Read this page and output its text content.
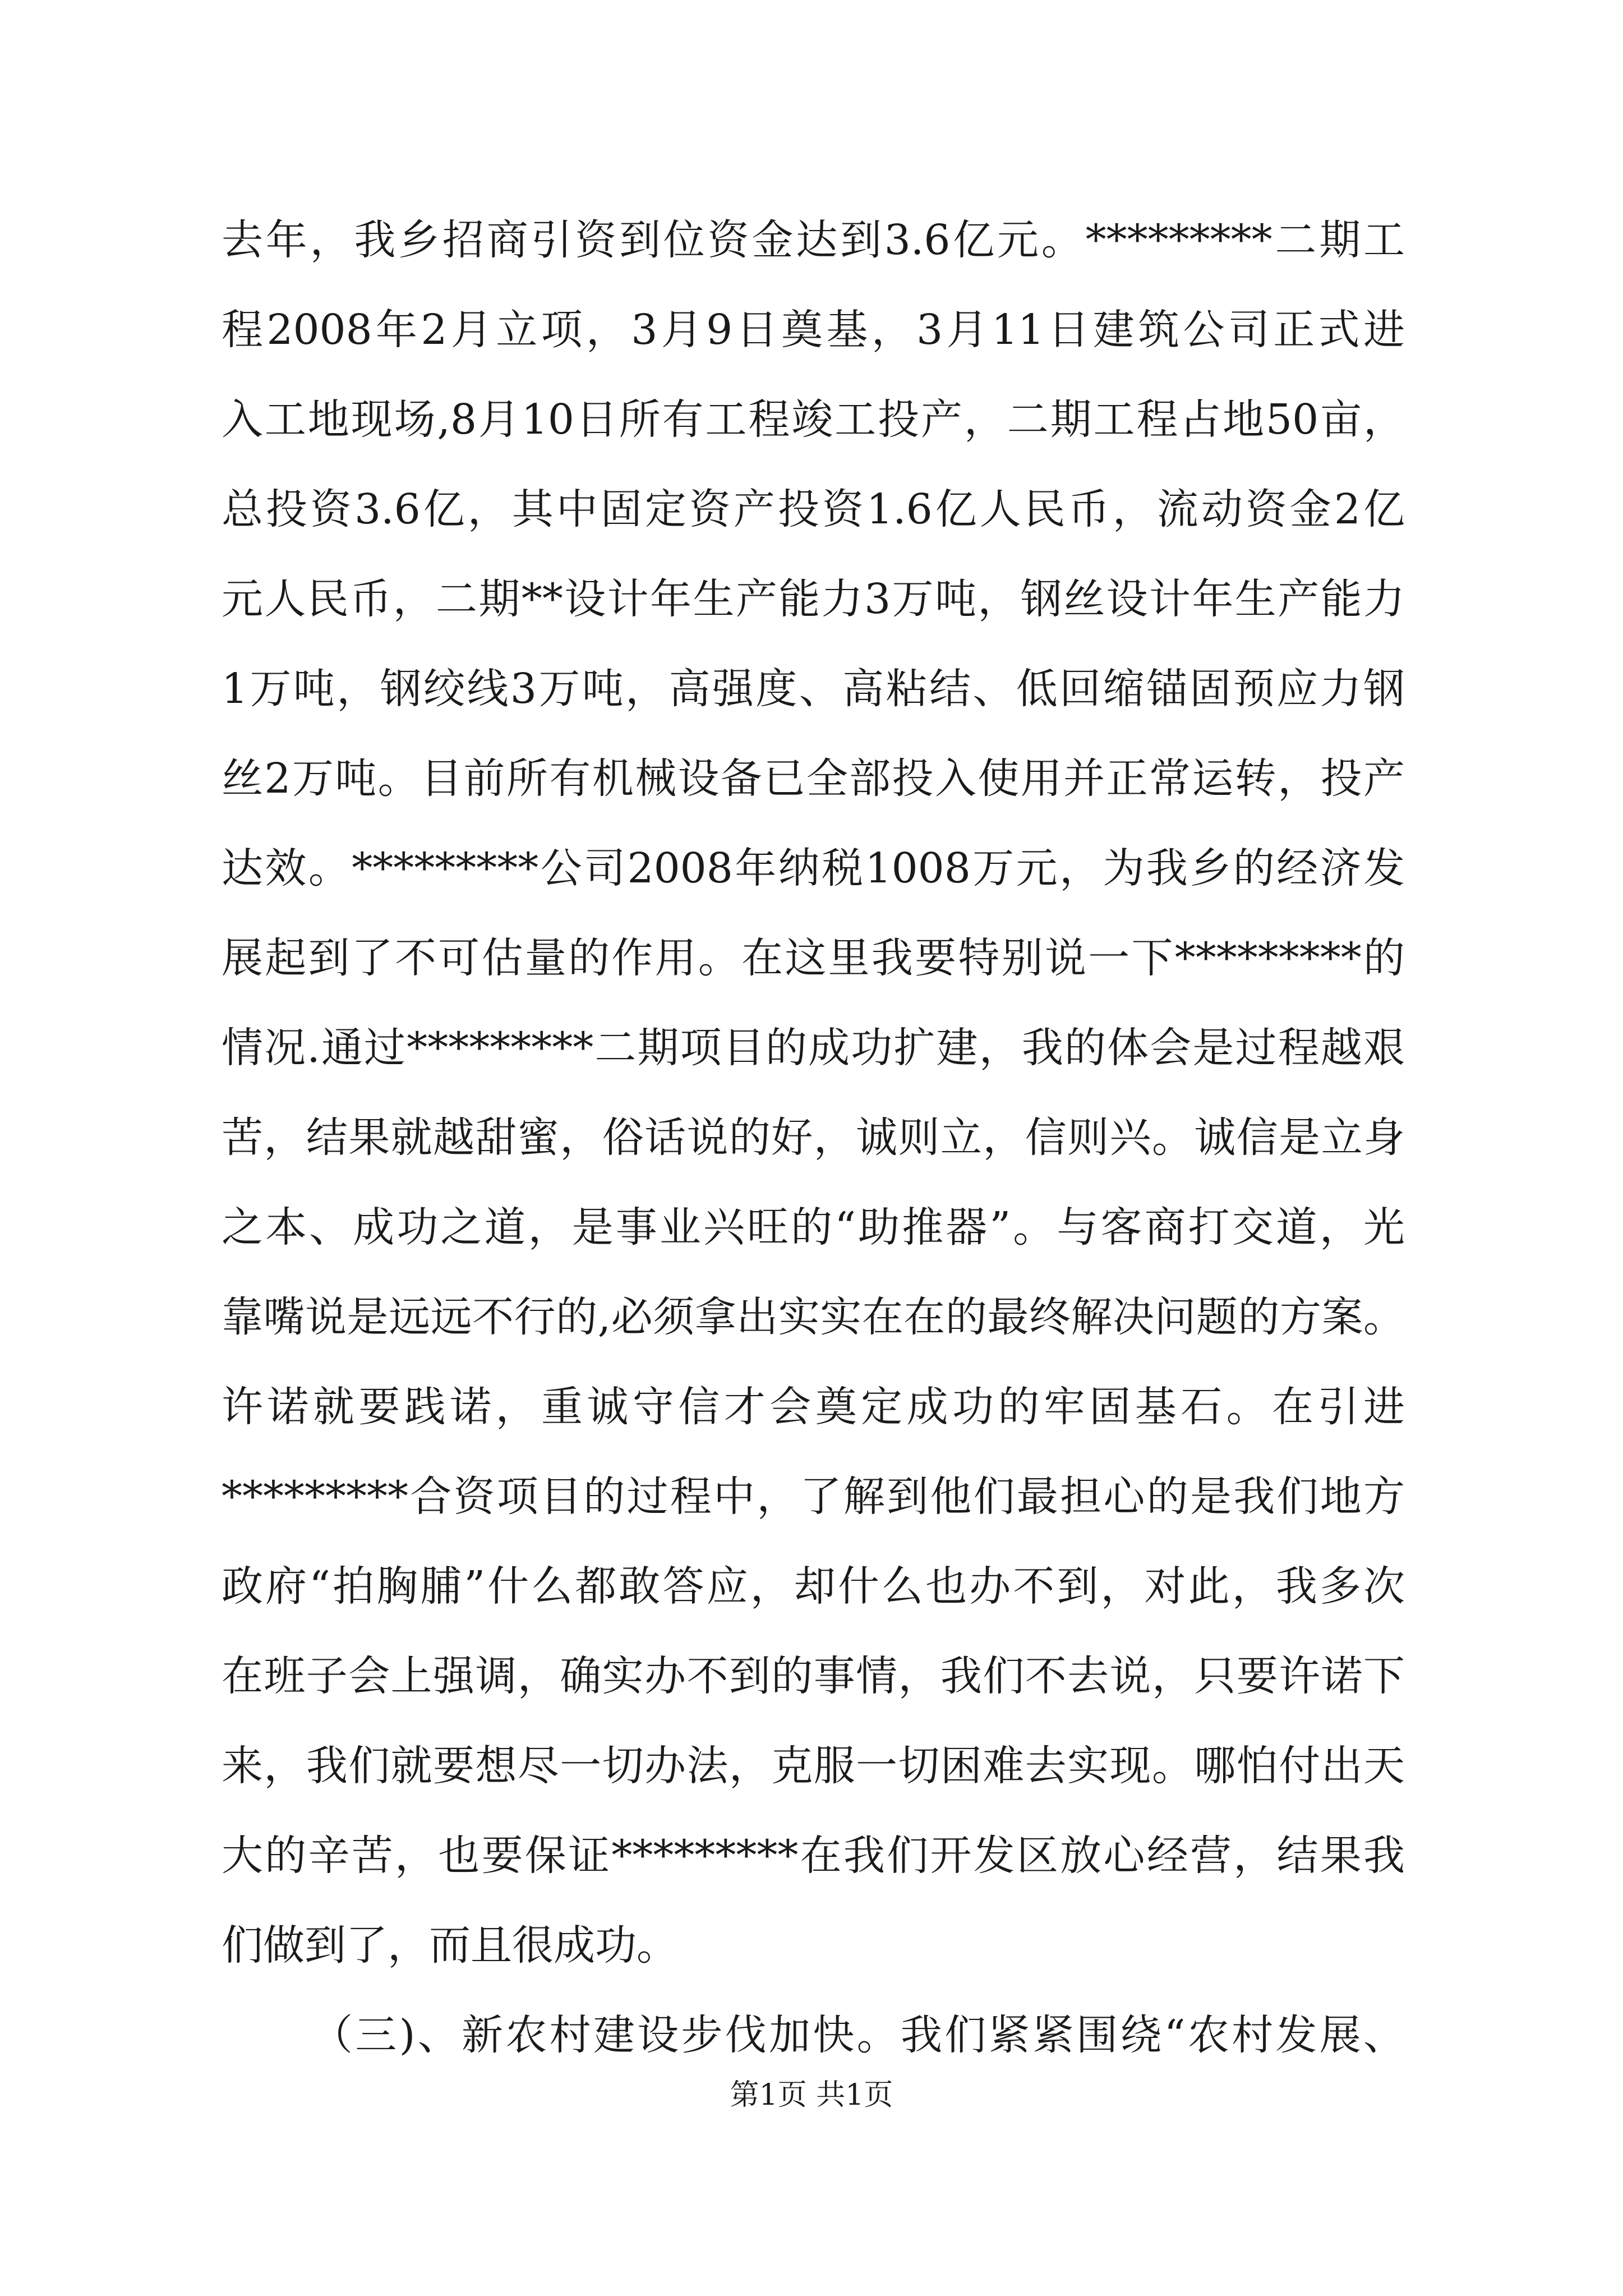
去年，我乡招商引资到位资金达到3.6亿元。*********二期工
程2008年2月立项，3月9日奠基，3月11日建筑公司正式进
入工地现场,8月10日所有工程竣工投产，二期工程占地50亩，
总投资3.6亿，其中固定资产投资1.6亿人民币，流动资金2亿
元人民币，二期**设计年生产能力3万吨，钢丝设计年生产能力
1万吨，钢绞线3万吨，高强度、高粘结、低回缩锚固预应力钢
丝2万吨。目前所有机械设备已全部投入使用并正常运转，投产
达效。*********公司2008年纳税1008万元，为我乡的经济发
展起到了不可估量的作用。在这里我要特别说一下*********的
情况.通过*********二期项目的成功扩建，我的体会是过程越艰
苦，结果就越甜蜜，俗话说的好，诚则立，信则兴。诚信是立身
之本、成功之道，是事业兴旺的“助推器”。与客商打交道，光
靠嘴说是远远不行的,必须拿出实实在在的最终解决问题的方案。
许诺就要践诺，重诚守信才会奠定成功的牢固基石。在引进
*********合资项目的过程中，了解到他们最担心的是我们地方
政府“拍胸脯”什么都敢答应，却什么也办不到，对此，我多次
在班子会上强调，确实办不到的事情，我们不去说，只要许诺下
来，我们就要想尽一切办法，克服一切困难去实现。哪怕付出天
大的辛苦，也要保证*********在我们开发区放心经营，结果我
们做到了，而且很成功。
（三)、新农村建设步伐加快。我们紧紧围绕“农村发展、
第1页 共1页
